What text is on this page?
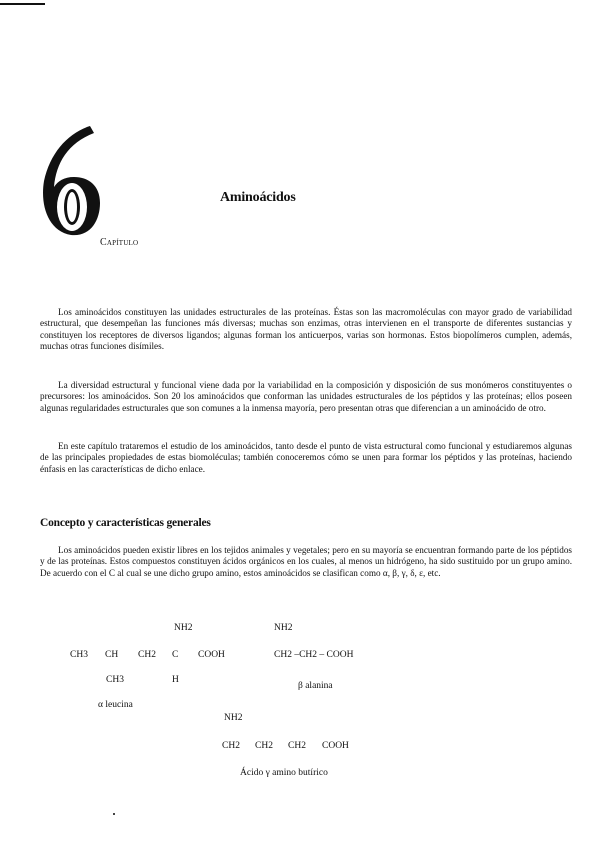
Aminoácidos
Capítulo

Los aminoácidos constituyen las unidades estructurales de las proteínas. Éstas son las macromoléculas con mayor grado de variabilidad estructural, que desempeñan las funciones más diversas; muchas son enzimas, otras intervienen en el transporte de diferentes sustancias y constituyen los receptores de diversos ligandos; algunas forman los anticuerpos, varias son hormonas. Estos biopolímeros cumplen, además, muchas otras funciones disímiles.

La diversidad estructural y funcional viene dada por la variabilidad en la composición y disposición de sus monómeros constituyentes o precursores: los aminoácidos. Son 20 los aminoácidos que conforman las unidades estructurales de los péptidos y las proteínas; ellos poseen algunas regularidades estructurales que son comunes a la inmensa mayoría, pero presentan otras que diferencian a un aminoácido de otro.

En este capítulo trataremos el estudio de los aminoácidos, tanto desde el punto de vista estructural como funcional y estudiaremos algunas de las principales propiedades de estas biomoléculas; también conoceremos cómo se unen para formar los péptidos y las proteínas, haciendo énfasis en las características de dicho enlace.

Concepto y características generales

Los aminoácidos pueden existir libres en los tejidos animales y vegetales; pero en su mayoría se encuentran formando parte de los péptidos y de las proteínas. Estos compuestos constituyen ácidos orgánicos en los cuales, al menos un hidrógeno, ha sido sustituido por un grupo amino. De acuerdo con el C al cual se une dicho grupo amino, estos aminoácidos se clasifican como α, β, γ, δ, ε, etc.

NH2
CH3 CH CH2 C COOH
CH3	H
α leucina
NH2
CH2 –CH2 – COOH
β alanina
NH2
CH2 CH2 CH2 COOH
Ácido γ amino butírico
